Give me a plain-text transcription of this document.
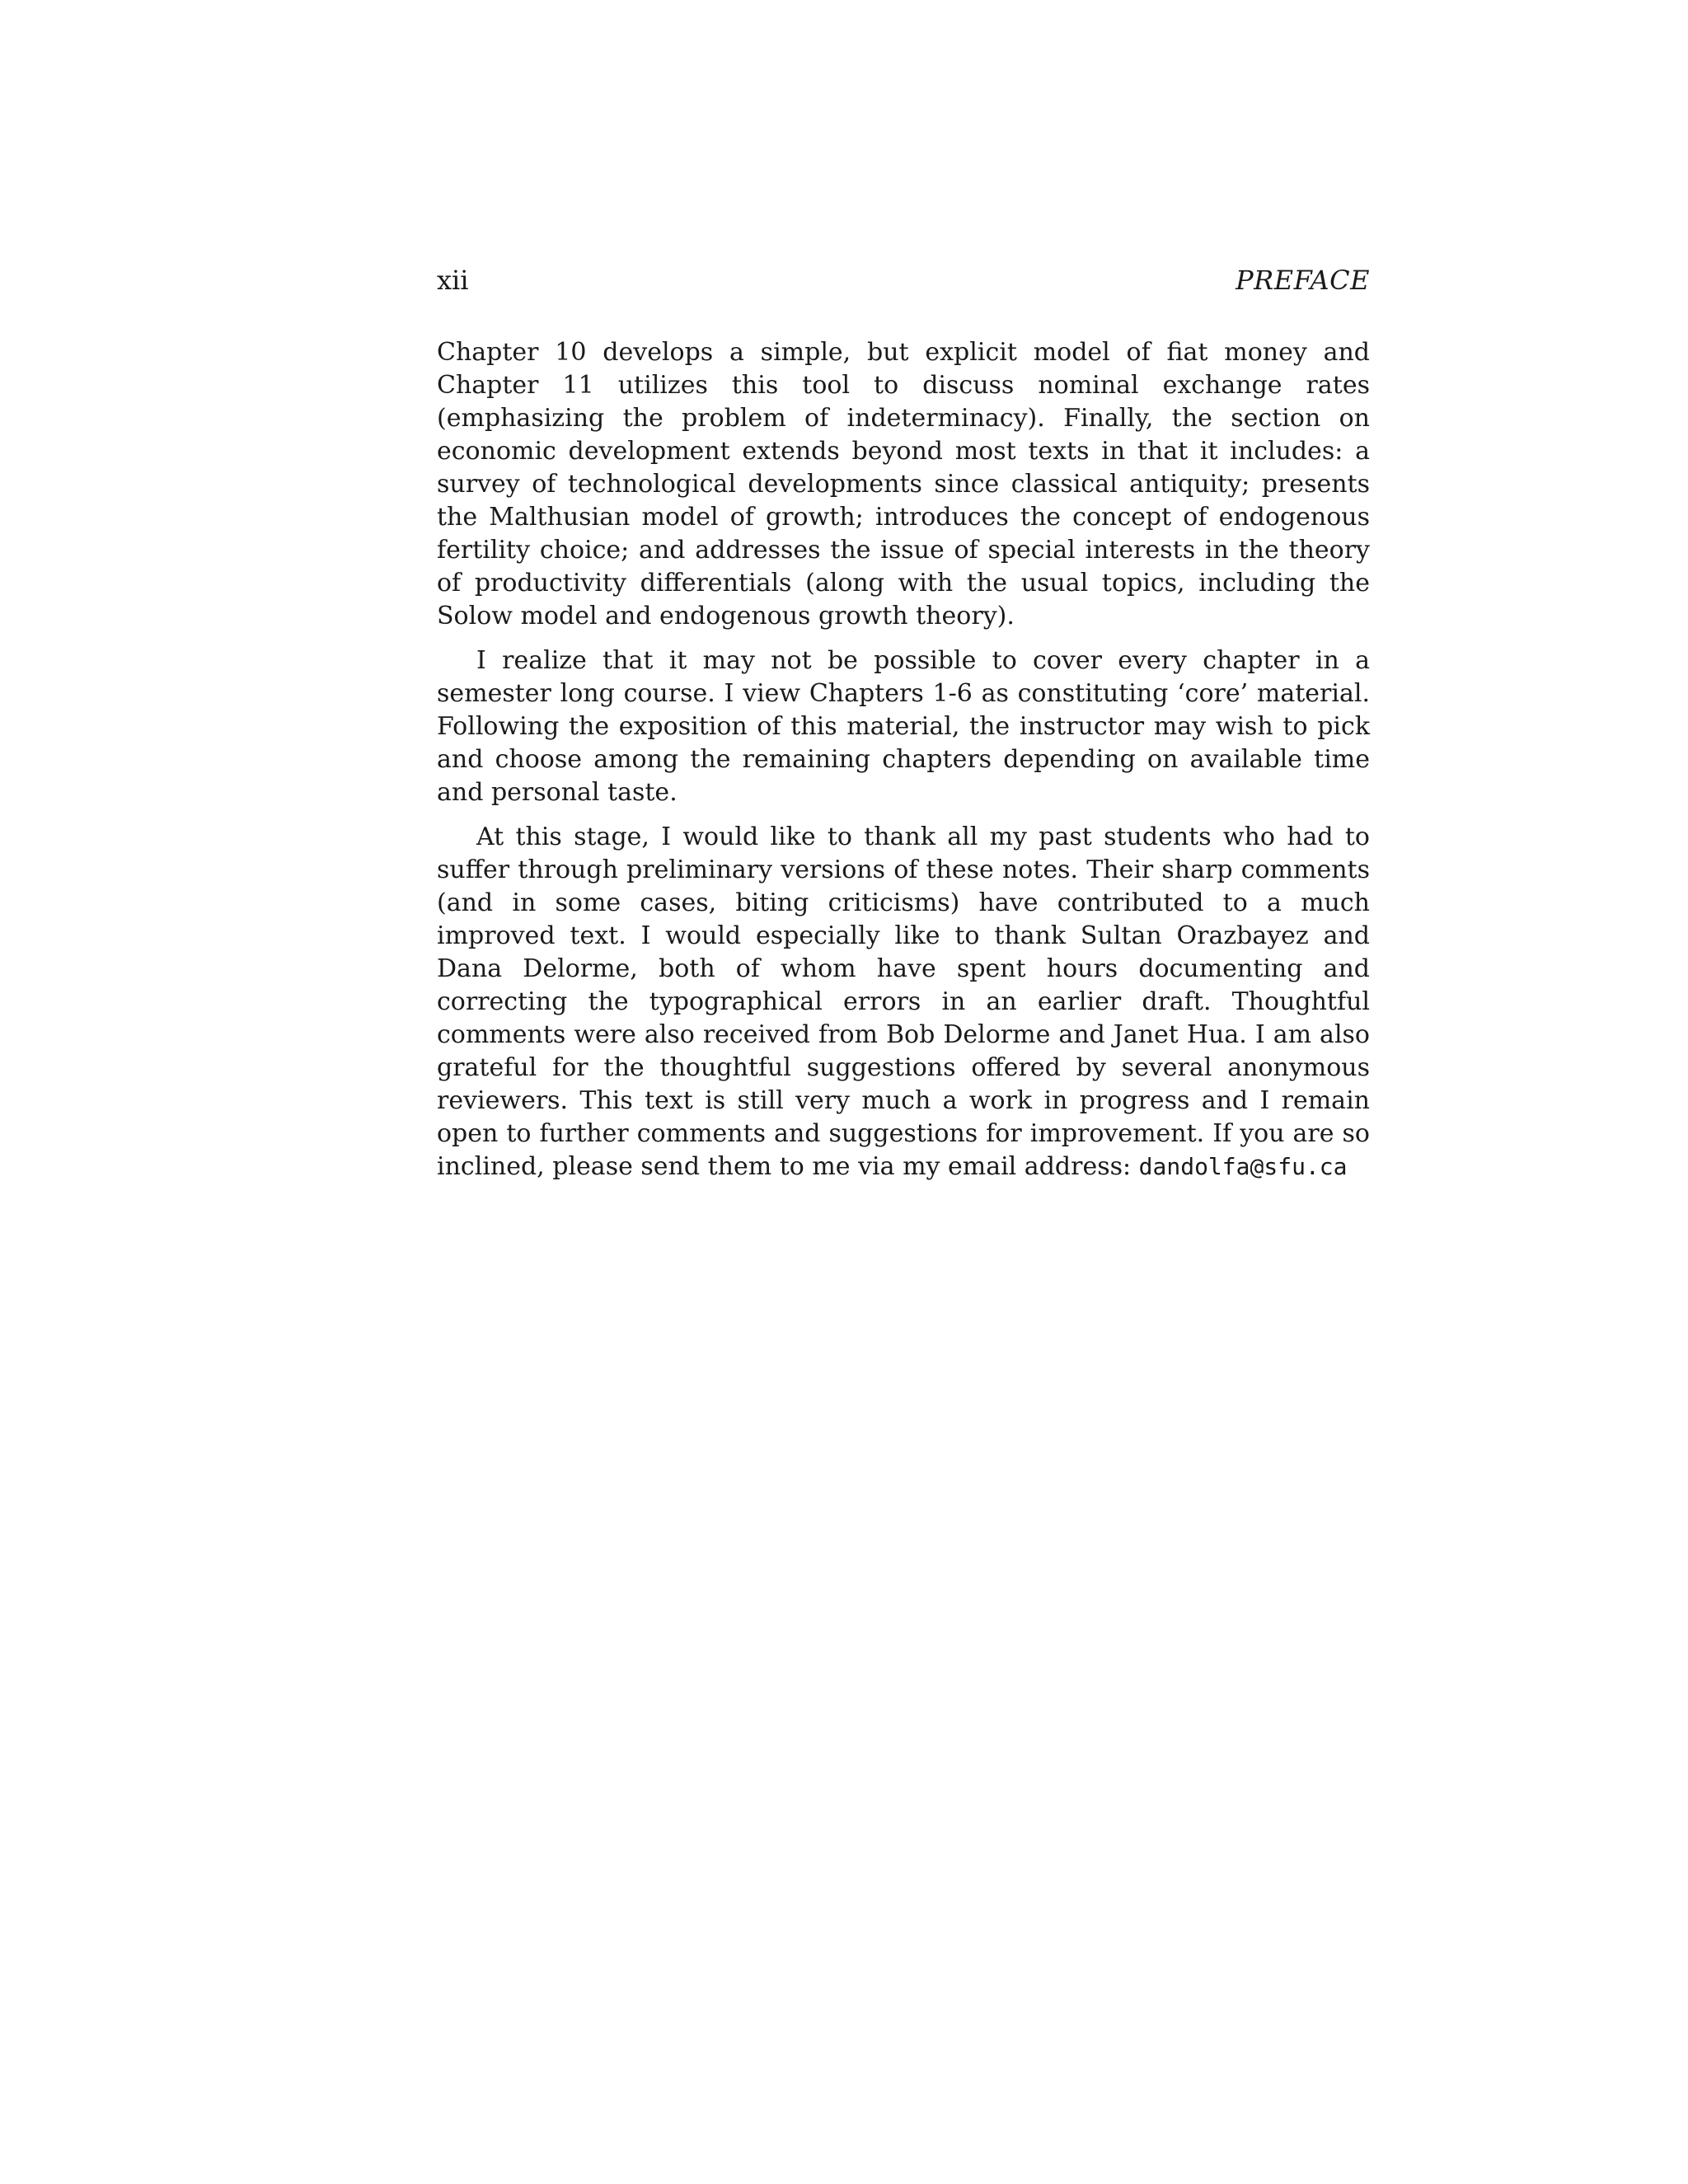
xii	PREFACE

Chapter 10 develops a simple, but explicit model of fiat money and Chapter 11 utilizes this tool to discuss nominal exchange rates (emphasizing the problem of indeterminacy). Finally, the section on economic development extends beyond most texts in that it includes: a survey of technological developments since classical antiquity; presents the Malthusian model of growth; introduces the concept of endogenous fertility choice; and addresses the issue of special interests in the theory of productivity differentials (along with the usual topics, including the Solow model and endogenous growth theory).

I realize that it may not be possible to cover every chapter in a semester long course. I view Chapters 1-6 as constituting ‘core’ material. Following the exposition of this material, the instructor may wish to pick and choose among the remaining chapters depending on available time and personal taste.

At this stage, I would like to thank all my past students who had to suffer through preliminary versions of these notes. Their sharp comments (and in some cases, biting criticisms) have contributed to a much improved text. I would especially like to thank Sultan Orazbayez and Dana Delorme, both of whom have spent hours documenting and correcting the typographical errors in an earlier draft. Thoughtful comments were also received from Bob Delorme and Janet Hua. I am also grateful for the thoughtful suggestions offered by several anonymous reviewers. This text is still very much a work in progress and I remain open to further comments and suggestions for improvement. If you are so inclined, please send them to me via my email address: dandolfa@sfu.ca
